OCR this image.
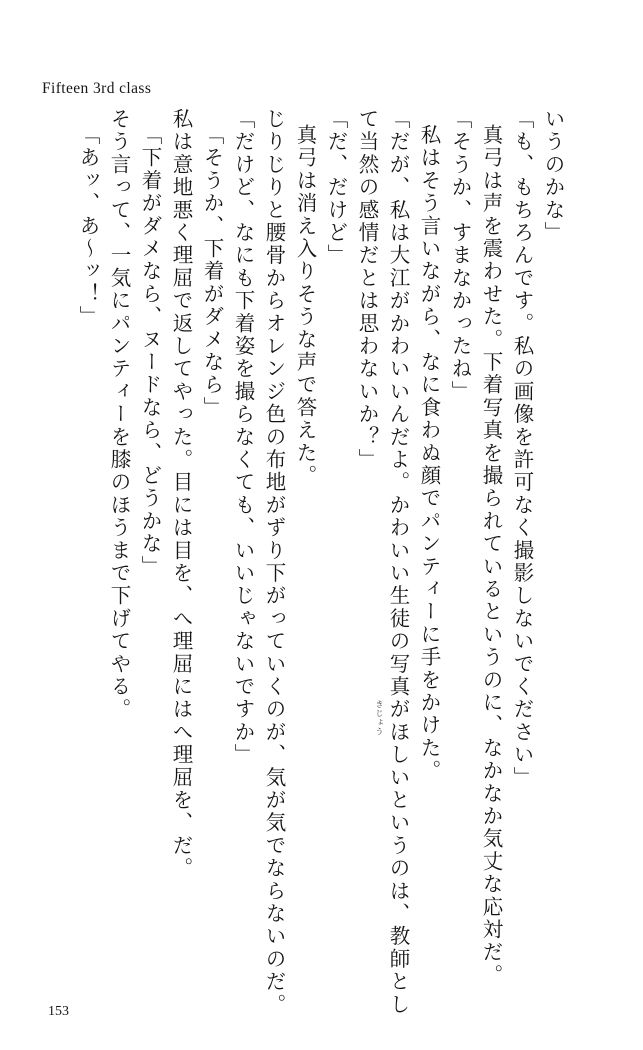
Fifteen 3rd class
「あッ、あ〜ッ！」 そう言って、一気にパンティーを膝のほうまで下げてやる。 「下着がダメなら、ヌードなら、どうかな」 私は意地悪く理屈で返してやった。目には目を、へ理屈にはへ理屈を、だ。 「そうか、下着がダメなら」 「だけど、なにも下着姿を撮らなくても、いいじゃないですか」 じりじりと腰骨からオレンジ色の布地がずり下がっていくのが、気が気でならないのだ。 真弓は消え入りそうな声で答えた。 「だ、だけど」 て当然の感情だとは思わないか？」 「だが、私は大江がかわいいんだよ。かわいい生徒の写真がほしいというのは、教師とし 私はそう言いながら、なに食わぬ顔でパンティーに手をかけた。 「そうか、すまなかったね」 真弓は声を震わせた。下着写真を撮られているというのに、なかなか気丈な応対だ。 「も、もちろんです。私の画像を許可なく撮影しないでください」 いうのかな」
きじょう
153
